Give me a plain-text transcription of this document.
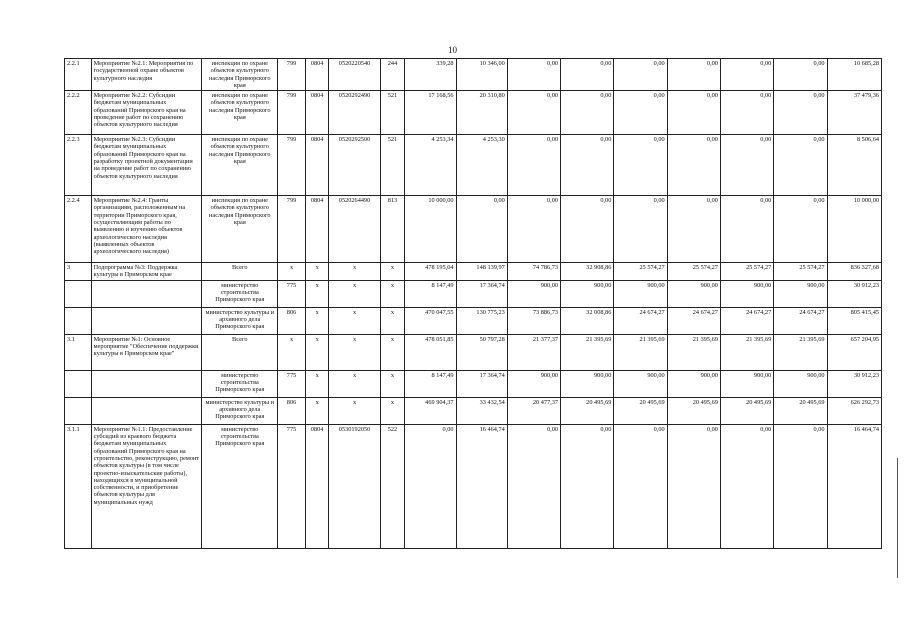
10
2.2.1	Мероприятие №2.1: Мероприятия по государственной охране объектов культурного наследия	инспекция по охране объектов культурного наследия Приморского края	799	0804	0520220540	244	339,28	10 346,00	0,00	0,00	0,00	0,00	0,00	0,00	10 685,28
2.2.2	Мероприятие №2.2: Субсидии бюджетам муниципальных образований Приморского края на проведение работ по сохранению объектов культурного наследия	инспекция по охране объектов культурного наследия Приморского края	799	0804	0520292490	521	17 168,56	20 310,80	0,00	0,00	0,00	0,00	0,00	0,00	37 479,36
2.2.3	Мероприятие №2.3: Субсидии бюджетам муниципальных образований Приморского края на разработку проектной документации на проведение работ по сохранению объектов культурного наследия	инспекция по охране объектов культурного наследия Приморского края	799	0804	0520292500	521	4 253,34	4 253,30	0,00	0,00	0,00	0,00	0,00	0,00	8 506,64
2.2.4	Мероприятие №2.4: Гранты организациям, расположенным на территории Приморского края, осуществляющим работы по выявлению и изучению объектов археологического наследия (выявленных объектов археологического наследия)	инспекция по охране объектов культурного наследия Приморского края	799	0804	0520264490	813	10 000,00	0,00	0,00	0,00	0,00	0,00	0,00	0,00	10 000,00
3	Подпрограмма №3: Поддержка культуры в Приморском крае	Всего	x	x	x	x	478 195,04	148 139,97	74 786,73	32 908,86	25 574,27	25 574,27	25 574,27	25 574,27	836 327,68
		министерство строительства Приморского края	775	x	x	x	8 147,49	17 364,74	900,00	900,00	900,00	900,00	900,00	900,00	30 912,23
		министерство культуры и архивного дела Приморского края	806	x	x	x	470 047,55	130 775,23	73 886,73	32 008,86	24 674,27	24 674,27	24 674,27	24 674,27	805 415,45
3.1	Мероприятие №1: Основное мероприятие "Обеспечение поддержки культуры в Приморском крае"	Всего	x	x	x	x	478 051,85	50 797,28	21 377,37	21 395,69	21 395,69	21 395,69	21 395,69	21 395,69	657 204,95
		министерство строительства Приморского края	775	x	x	x	8 147,49	17 364,74	900,00	900,00	900,00	900,00	900,00	900,00	30 912,23
		министерство культуры и архивного дела Приморского края	806	x	x	x	469 904,37	33 432,54	20 477,37	20 495,69	20 495,69	20 495,69	20 495,69	20 495,69	626 292,73
3.1.1	Мероприятие №1.1: Предоставление субсидий из краевого бюджета бюджетам муниципальных образований Приморского края на строительство, реконструкцию, ремонт объектов культуры (в том числе проектно-изыскательские работы), находящихся в муниципальной собственности, и приобретение объектов культуры для муниципальных нужд	министерство строительства Приморского края	775	0804	0530192050	522	0,00	16 464,74	0,00	0,00	0,00	0,00	0,00	0,00	16 464,74
